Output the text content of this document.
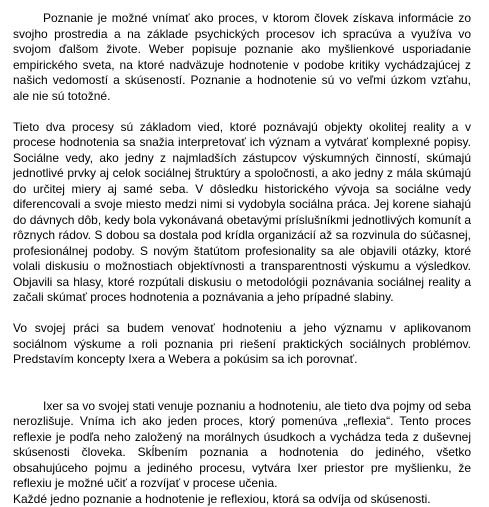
Poznanie je možné vnímať ako proces, v ktorom človek získava informácie zo svojho prostredia a na základe psychických procesov ich spracúva a využíva vo svojom ďalšom živote. Weber popisuje poznanie ako myšlienkové usporiadanie empirického sveta, na ktoré nadväzuje hodnotenie v podobe kritiky vychádzajúcej z našich vedomostí a skúseností. Poznanie a hodnotenie sú vo veľmi úzkom vzťahu, ale nie sú totožné.

Tieto dva procesy sú základom vied, ktoré poznávajú objekty okolitej reality a v procese hodnotenia sa snažia interpretovať ich význam a vytvárať komplexné popisy. Sociálne vedy, ako jedny z najmladších zástupcov výskumných činností, skúmajú jednotlivé prvky aj celok sociálnej štruktúry a spoločnosti, a ako jedny z mála skúmajú do určitej miery aj samé seba. V dôsledku historického vývoja sa sociálne vedy diferencovali a svoje miesto medzi nimi si vydobyla sociálna práca. Jej korene siahajú do dávnych dôb, kedy bola vykonávaná obetavými príslušníkmi jednotlivých komunít a rôznych rádov. S dobou sa dostala pod krídla organizácií až sa rozvinula do súčasnej, profesionálnej podoby. S novým štatútom profesionality sa ale objavili otázky, ktoré volali diskusiu o možnostiach objektívnosti a transparentnosti výskumu a výsledkov. Objavili sa hlasy, ktoré rozpútali diskusiu o metodológii poznávania sociálnej reality a začali skúmať proces hodnotenia a poznávania a jeho prípadné slabiny.

Vo svojej práci sa budem venovať hodnoteniu a jeho významu v aplikovanom sociálnom výskume a roli poznania pri riešení praktických sociálnych problémov. Predstavím koncepty Ixera a Webera a pokúsim sa ich porovnať.

Ixer sa vo svojej stati venuje poznaniu a hodnoteniu, ale tieto dva pojmy od seba nerozlišuje. Vníma ich ako jeden proces, ktorý pomenúva „reflexia“. Tento proces reflexie je podľa neho založený na morálnych úsudkoch a vychádza teda z duševnej skúsenosti človeka. Skĺbením poznania a hodnotenia do jediného, všetko obsahujúceho pojmu a jediného procesu, vytvára Ixer priestor pre myšlienku, že reflexiu je možné učiť a rozvíjať v procese učenia.

Každé jedno poznanie a hodnotenie je reflexiou, ktorá sa odvíja od skúsenosti.
